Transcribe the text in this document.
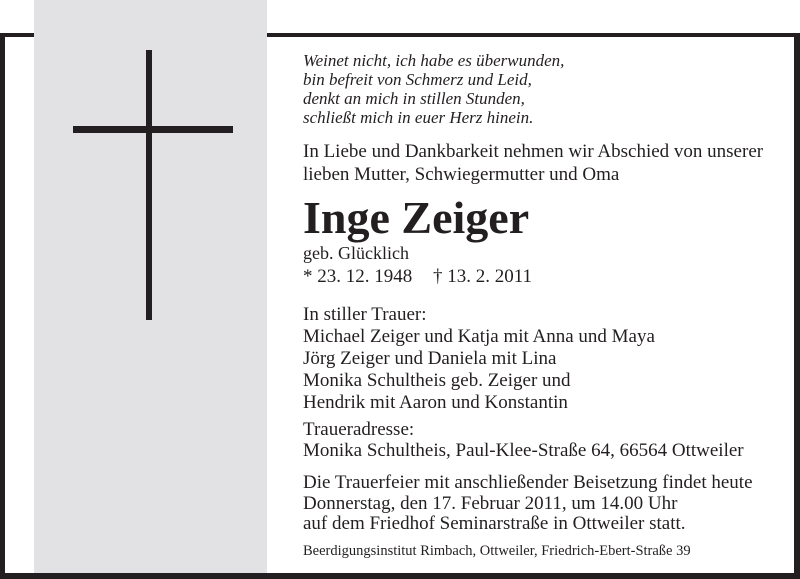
Weinet nicht, ich habe es überwunden,
bin befreit von Schmerz und Leid,
denkt an mich in stillen Stunden,
schließt mich in euer Herz hinein.
In Liebe und Dankbarkeit nehmen wir Abschied von unserer
lieben Mutter, Schwiegermutter und Oma
Inge Zeiger
geb. Glücklich
* 23. 12. 1948 † 13. 2. 2011
In stiller Trauer:
Michael Zeiger und Katja mit Anna und Maya
Jörg Zeiger und Daniela mit Lina
Monika Schultheis geb. Zeiger und
Hendrik mit Aaron und Konstantin
Traueradresse:
Monika Schultheis, Paul-Klee-Straße 64, 66564 Ottweiler
Die Trauerfeier mit anschließender Beisetzung findet heute
Donnerstag, den 17. Februar 2011, um 14.00 Uhr
auf dem Friedhof Seminarstraße in Ottweiler statt.
Beerdigungsinstitut Rimbach, Ottweiler, Friedrich-Ebert-Straße 39
